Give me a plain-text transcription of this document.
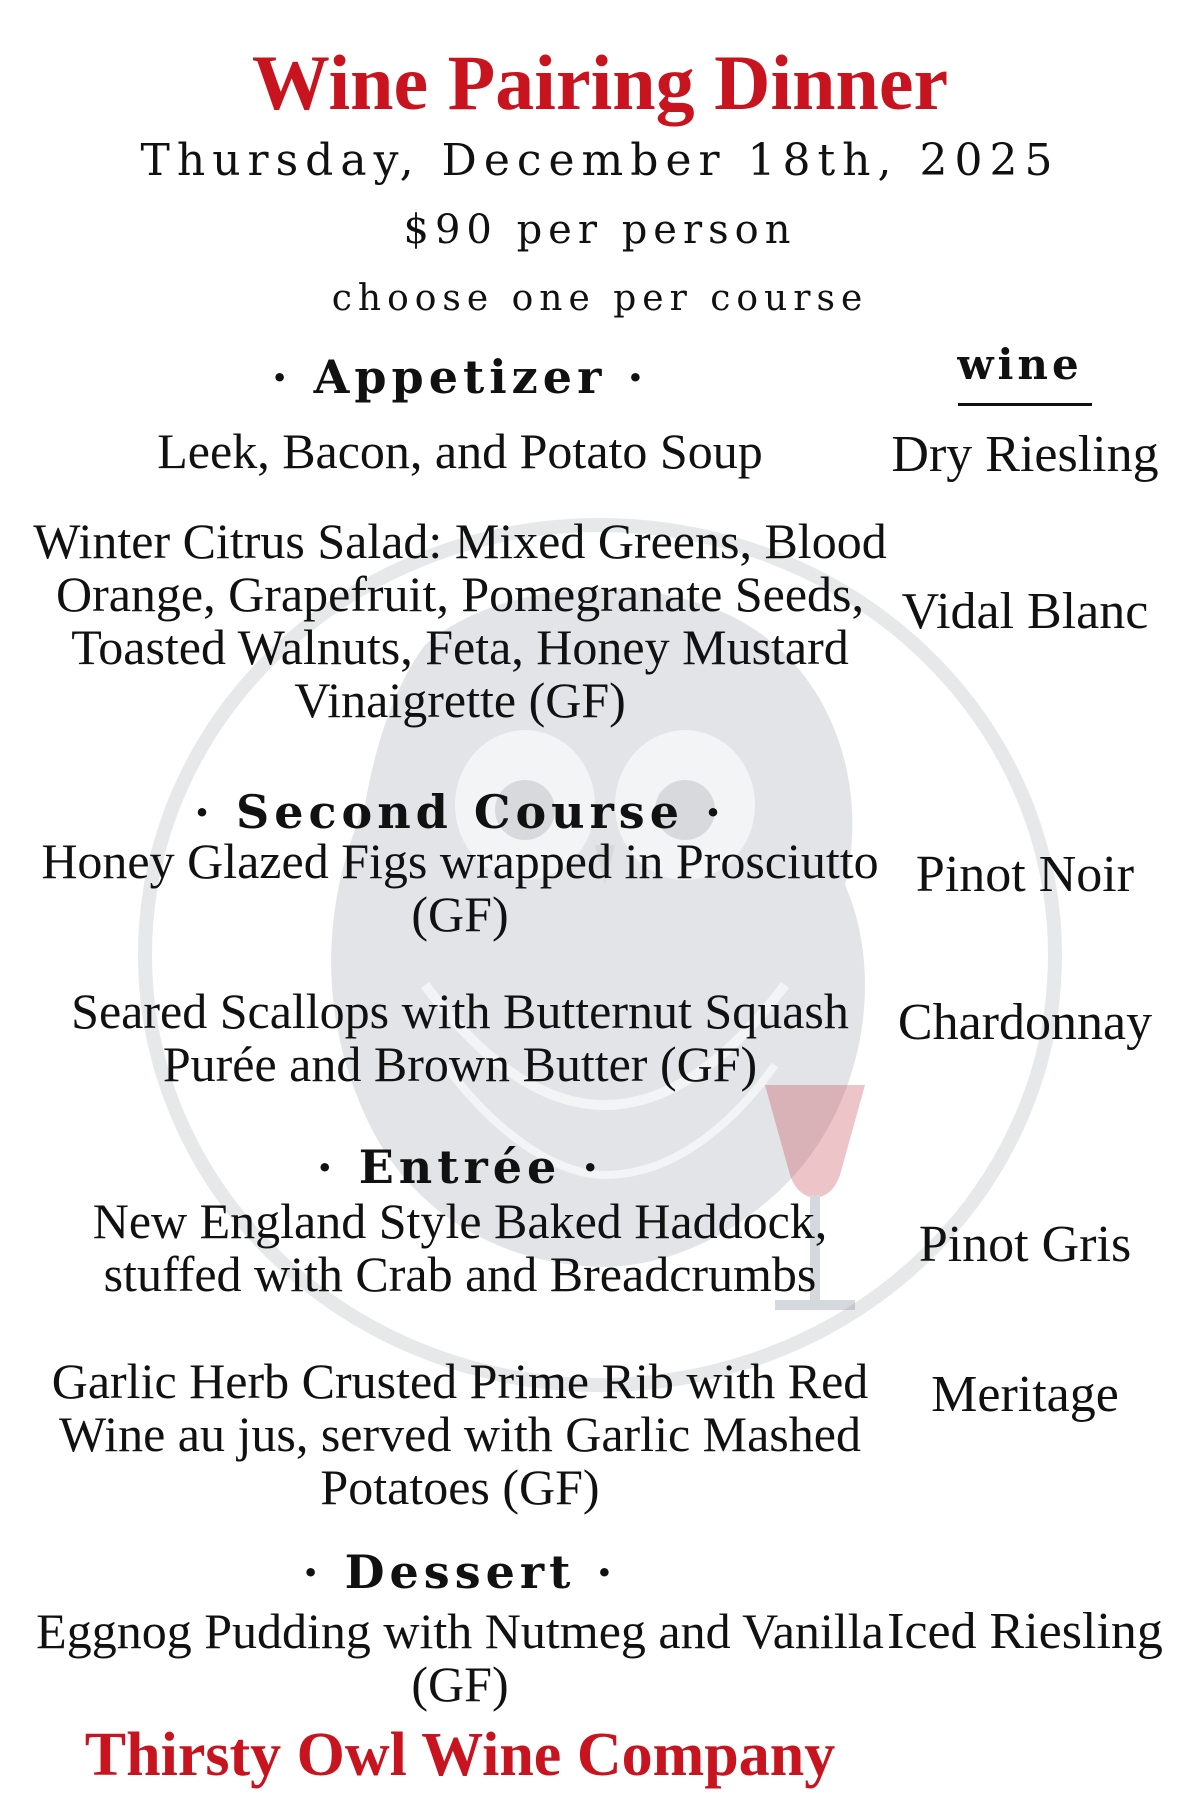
Wine Pairing Dinner

Thursday, December 18th, 2025

$90 per person

choose one per course

wine
· Appetizer ·

Leek, Bacon, and Potato Soup	Dry Riesling

Winter Citrus Salad: Mixed Greens, Blood Orange, Grapefruit, Pomegranate Seeds, Toasted Walnuts, Feta, Honey Mustard Vinaigrette (GF)

Vidal Blanc

· Second Course ·

Honey Glazed Figs wrapped in Prosciutto (GF)

Pinot Noir

Seared Scallops with Butternut Squash Purée and Brown Butter (GF)

Chardonnay

· Entrée ·

New England Style Baked Haddock, stuffed with Crab and Breadcrumbs

Pinot Gris

Garlic Herb Crusted Prime Rib with Red Wine au jus, served with Garlic Mashed Potatoes (GF)

Meritage

· Dessert ·

Eggnog Pudding with Nutmeg and Vanilla (GF)

Iced Riesling

Thirsty Owl Wine Company
